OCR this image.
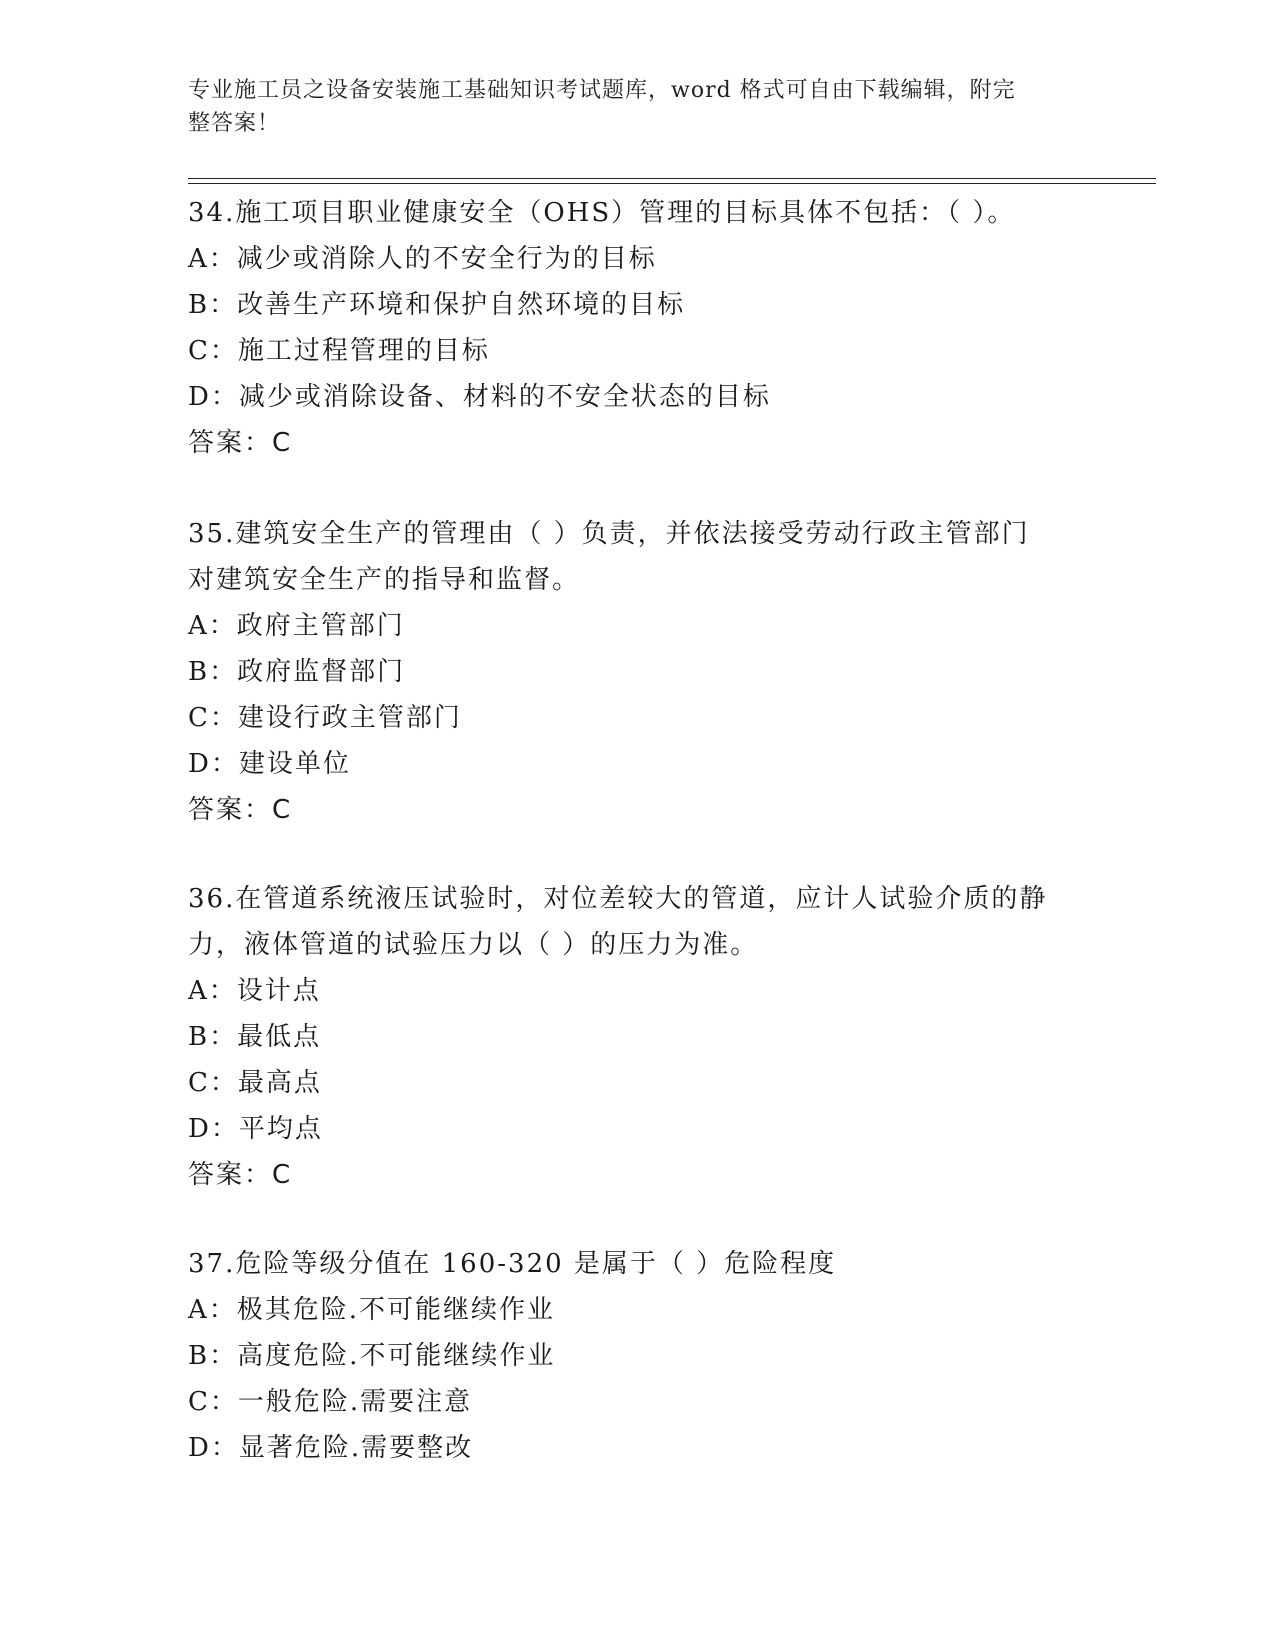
专业施工员之设备安装施工基础知识考试题库，word 格式可自由下载编辑，附完
整答案！
34.施工项目职业健康安全（OHS）管理的目标具体不包括：（ ）。
A：减少或消除人的不安全行为的目标
B：改善生产环境和保护自然环境的目标
C：施工过程管理的目标
D：减少或消除设备、材料的不安全状态的目标
答案：C
35.建筑安全生产的管理由（ ）负责，并依法接受劳动行政主管部门
对建筑安全生产的指导和监督。
A：政府主管部门
B：政府监督部门
C：建设行政主管部门
D：建设单位
答案：C
36.在管道系统液压试验时，对位差较大的管道，应计人试验介质的静
力，液体管道的试验压力以（ ）的压力为准。
A：设计点
B：最低点
C：最高点
D：平均点
答案：C
37.危险等级分值在 160-320 是属于（ ）危险程度
A：极其危险.不可能继续作业
B：高度危险.不可能继续作业
C：一般危险.需要注意
D：显著危险.需要整改
